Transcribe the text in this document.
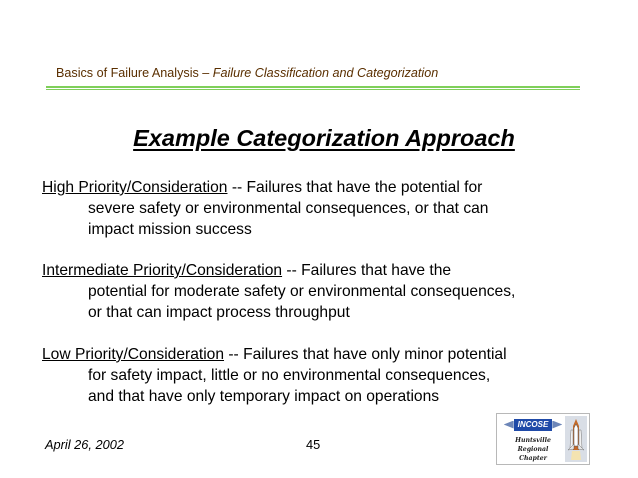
Basics of Failure Analysis – Failure Classification and Categorization
Example Categorization Approach
High Priority/Consideration -- Failures that have the potential for
severe safety or environmental consequences, or that can
impact mission success
Intermediate Priority/Consideration -- Failures that have the
potential for moderate safety or environmental consequences,
or that can impact process throughput
Low Priority/Consideration -- Failures that have only minor potential
for safety impact, little or no environmental consequences,
and that have only temporary impact on operations
April 26, 2002	45
INCOSE
Huntsville Regional
Chapter
